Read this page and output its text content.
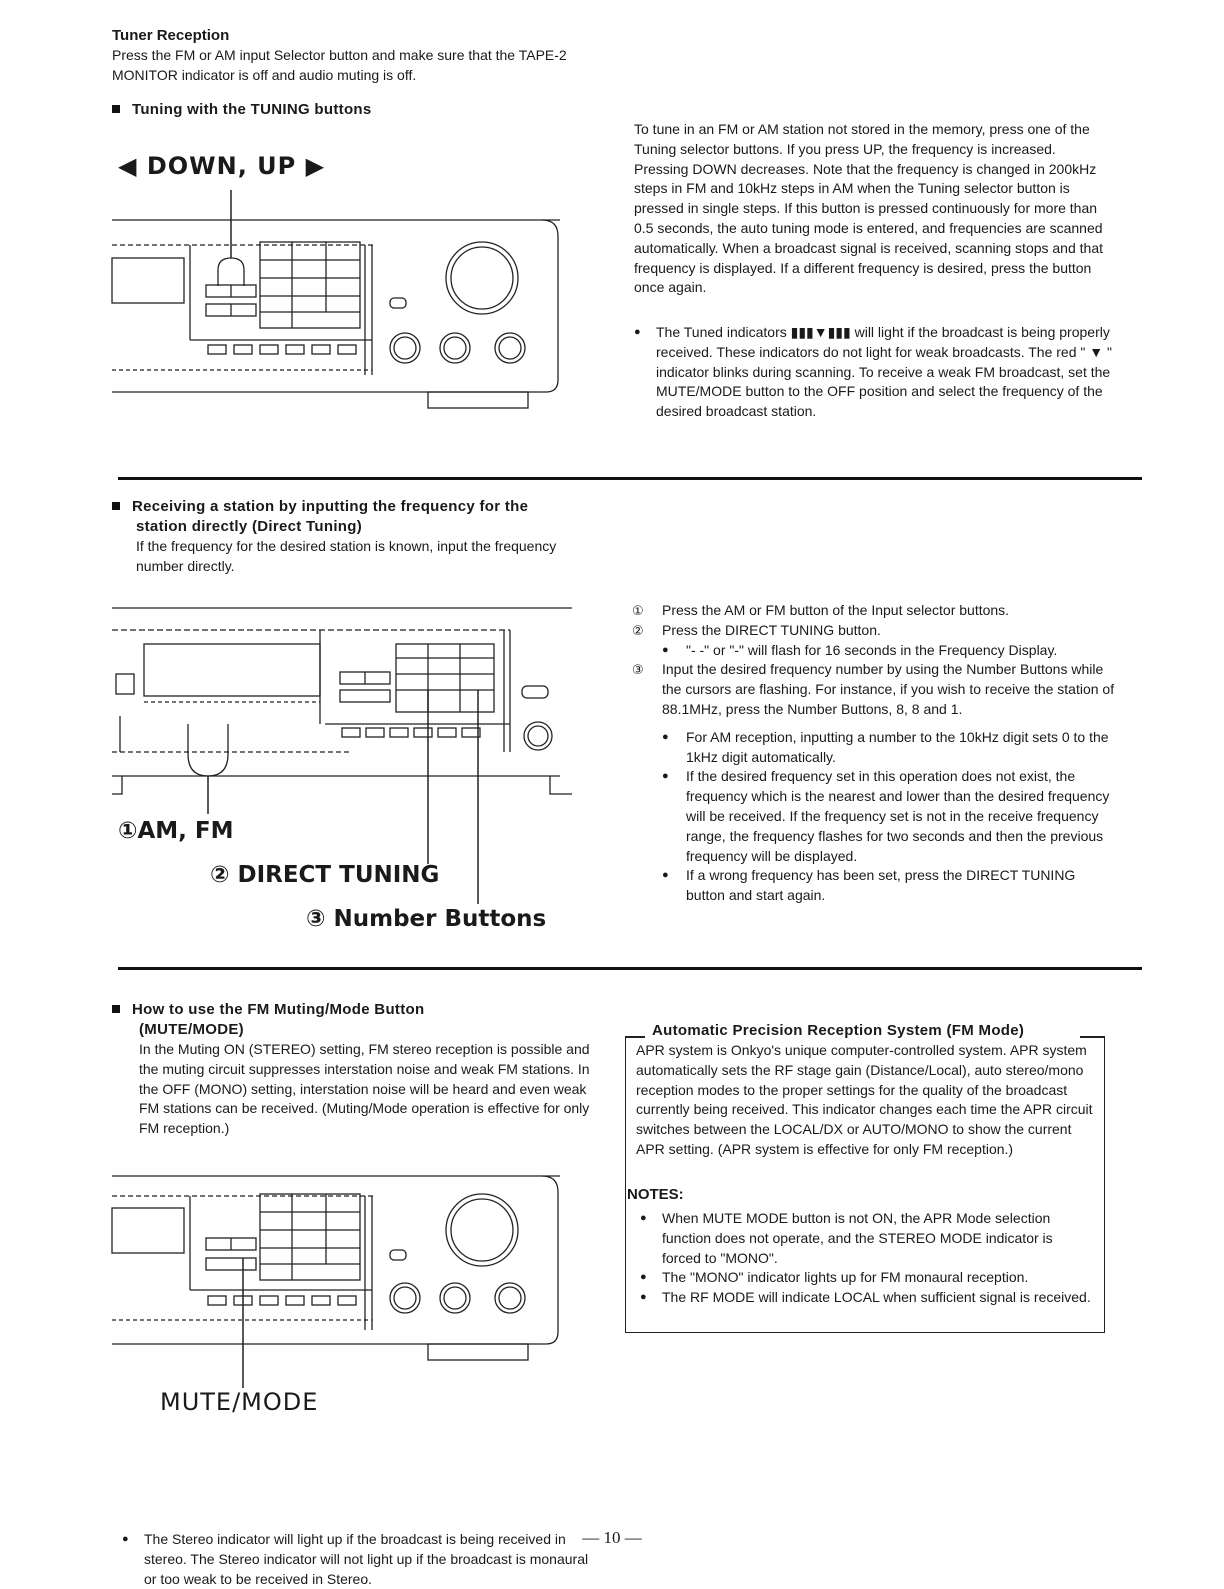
Tuner Reception
Press the FM or AM input Selector button and make sure that the TAPE-2 MONITOR indicator is off and audio muting is off.
Tuning with the TUNING buttons
◀ DOWN, UP ▶
To tune in an FM or AM station not stored in the memory, press one of the Tuning selector buttons. If you press UP, the frequency is increased. Pressing DOWN decreases. Note that the frequency is changed in 200kHz steps in FM and 10kHz steps in AM when the Tuning selector button is pressed in single steps. If this button is pressed continuously for more than 0.5 seconds, the auto tuning mode is entered, and frequencies are scanned automatically. When a broadcast signal is received, scanning stops and that frequency is displayed. If a different frequency is desired, press the button once again.
● The Tuned indicators ▮▮▮▼▮▮▮ will light if the broadcast is being properly received. These indicators do not light for weak broadcasts. The red " ▼ " indicator blinks during scanning. To receive a weak FM broadcast, set the MUTE/MODE button to the OFF position and select the frequency of the desired broadcast station.
Receiving a station by inputting the frequency for the
station directly (Direct Tuning)
If the frequency for the desired station is known, input the frequency number directly.
①AM, FM
② DIRECT TUNING
③ Number Buttons
① Press the AM or FM button of the Input selector buttons.
② Press the DIRECT TUNING button.
● "- -" or "-" will flash for 16 seconds in the Frequency Display.
③ Input the desired frequency number by using the Number Buttons while the cursors are flashing. For instance, if you wish to receive the station of 88.1MHz, press the Number Buttons, 8, 8 and 1.
● For AM reception, inputting a number to the 10kHz digit sets 0 to the 1kHz digit automatically.
● If the desired frequency set in this operation does not exist, the frequency which is the nearest and lower than the desired frequency will be received. If the frequency set is not in the receive frequency range, the frequency flashes for two seconds and then the previous frequency will be displayed.
● If a wrong frequency has been set, press the DIRECT TUNING button and start again.
How to use the FM Muting/Mode Button
(MUTE/MODE)
In the Muting ON (STEREO) setting, FM stereo reception is possible and the muting circuit suppresses interstation noise and weak FM stations. In the OFF (MONO) setting, interstation noise will be heard and even weak FM stations can be received. (Muting/Mode operation is effective for only FM reception.)
MUTE/MODE
● The Stereo indicator will light up if the broadcast is being received in stereo. The Stereo indicator will not light up if the broadcast is monaural or too weak to be received in Stereo.
Automatic Precision Reception System (FM Mode)
APR system is Onkyo's unique computer-controlled system. APR system automatically sets the RF stage gain (Distance/Local), auto stereo/mono reception modes to the proper settings for the quality of the broadcast currently being received. This indicator changes each time the APR circuit switches between the LOCAL/DX or AUTO/MONO to show the current APR setting. (APR system is effective for only FM reception.)
NOTES:
● When MUTE MODE button is not ON, the APR Mode selection function does not operate, and the STEREO MODE indicator is forced to "MONO".
● The "MONO" indicator lights up for FM monaural reception.
● The RF MODE will indicate LOCAL when sufficient signal is received.
— 10 —
